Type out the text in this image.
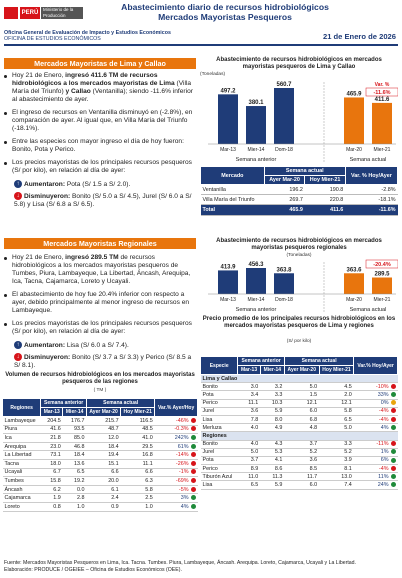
PERÚ
Ministerio de la Producción
Abastecimiento diario de recursos hidrobiológicos
Mercados Mayoristas Pesqueros
Oficina General de Evaluación de Impacto y Estudios Económicos
OFICINA DE ESTUDIOS ECONÓMICOS	21 de Enero de 2026
Mercados Mayoristas de Lima y Callao
Hoy 21 de Enero, ingresó 411.6 TM de recursos hidrobiológicos a los mercados mayoristas de Lima (Villa María del Triunfo) y Callao (Ventanilla); siendo -11.6% inferior al abastecimiento de ayer.
El ingreso de recursos en Ventanilla disminuyó en (-2.8%), en comparación de ayer. Al igual que, en Villa María del Triunfo (-18.1%).
Entre las especies con mayor ingreso el día de hoy fueron: Bonito, Pota y Perico.
Los precios mayoristas de los principales recursos pesqueros (S/ por kilo), en relación al día de ayer:
↑ Aumentaron: Pota (S/ 1.5 a S/ 2.0).
↓ Disminuyeron: Bonito (S/ 5.0 a S/ 4.5), Jurel (S/ 6.0 a S/ 5.8) y Lisa (S/ 6.8 a S/ 6.5).
Mercados Mayoristas Regionales
Hoy 21 de Enero, ingresó 289.5 TM de recursos hidrobiológicos a los mercados mayoristas pesqueros de Tumbes, Piura, Lambayeque, La Libertad, Áncash, Arequipa, Ica, Tacna, Cajamarca, Loreto y Ucayali.
El abastecimiento de hoy fue 20.4% inferior con respecto a ayer, debido principalmente al menor ingreso de recursos en Lambayeque.
Los precios mayoristas de los principales recursos pesqueros (S/ por kilo), en relación al día de ayer:
↑ Aumentaron: Lisa (S/ 6.0 a S/ 7.4).
↓ Disminuyeron: Bonito (S/ 3.7 a S/ 3.3) y Perico (S/ 8.5 a S/ 8.1).
Abastecimiento de recursos hidrobiológicos en mercados mayoristas pesqueros de Lima y Callao
(Toneladas)
497.2
Mar-13
380.1
Mier-14
560.7
Dom-18
465.9
Mar-20
411.6
Mier-21
Semana anterior	Semana actual
Var. %
-11.6%
Mercado	Semana actual		Var. % Hoy/Ayer
	Ayer Mar-20	Hoy Mier-21	
Ventanilla	196.2	190.8	-2.8%
Villa María del Triunfo	269.7	220.8	-18.1%
Total	465.9	411.6	-11.6%
Abastecimiento de recursos hidrobiológicos en mercados mayoristas pesqueros regionales
(Toneladas)
413.9
Mar-13
456.3
Mier-14
363.8
Dom-18
363.6
Mar-20
289.5
Mier-21
Semana anterior	Semana actual
-20.4%
Precio promedio de los principales recursos hidrobiológicos en los mercados mayoristas pesqueros de Lima y regiones
(S/ por kilo)
Especie	Semana anterior		Semana actual		Var.% Hoy/Ayer
	Mar-13	Mier-14	Ayer Mar-20	Hoy Mier-21	
Lima y Callao					
Bonito	3.0	3.2	5.0	4.5	-10%
Pota	3.4	3.3	1.5	2.0	33%
Perico	11.1	10.3	12.1	12.1	0%
Jurel	3.6	5.9	6.0	5.8	-4%
Lisa	7.8	8.0	6.8	6.5	-4%
Merluza	4.0	4.9	4.8	5.0	4%
Regiones					
Bonito	4.0	4.3	3.7	3.3	-11%
Jurel	5.0	5.3	5.2	5.2	1%
Pota	3.7	4.1	3.6	3.9	6%
Perico	8.9	8.6	8.5	8.1	-4%
Tiburón Azul	11.0	11.3	11.7	13.0	11%
Lisa	6.5	5.9	6.0	7.4	24%
Volumen de recursos hidrobiológicos en los mercados mayoristas pesqueros de las regiones
( TM )
Regiones	Semana anterior		Semana actual		Var.% Ayer/Hoy
	Mar-13	Mier-14	Ayer Mar-20	Hoy Mier-21	
Lambayeque	204.5	176.7	215.7	116.5	-46%
Piura	41.6	93.5	48.7	48.5	-0.3%
Ica	21.8	85.0	12.0	41.0	242%
Arequipa	23.0	46.8	18.4	29.5	61%
La Libertad	73.1	18.4	19.4	16.8	-14%
Tacna	18.0	13.6	15.1	11.1	-26%
Ucayali	6.7	6.5	6.6	6.6	-1%
Tumbes	15.8	19.2	20.0	6.3	-69%
Áncash	6.2	0.0	6.1	5.8	-5%
Cajamarca	1.9	2.8	2.4	2.5	3%
Loreto	0.8	1.0	0.9	1.0	4%
Fuente: Mercados Mayoristas Pesqueros en Lima, Ica. Tacna. Tumbes. Piura, Lambayeque, Áncash. Arequipa. Loreto, Cajamarca, Ucayali y La Libertad.
Elaboración: PRODUCE / OGEIEE – Oficina de Estudios Económicos (OEE).
